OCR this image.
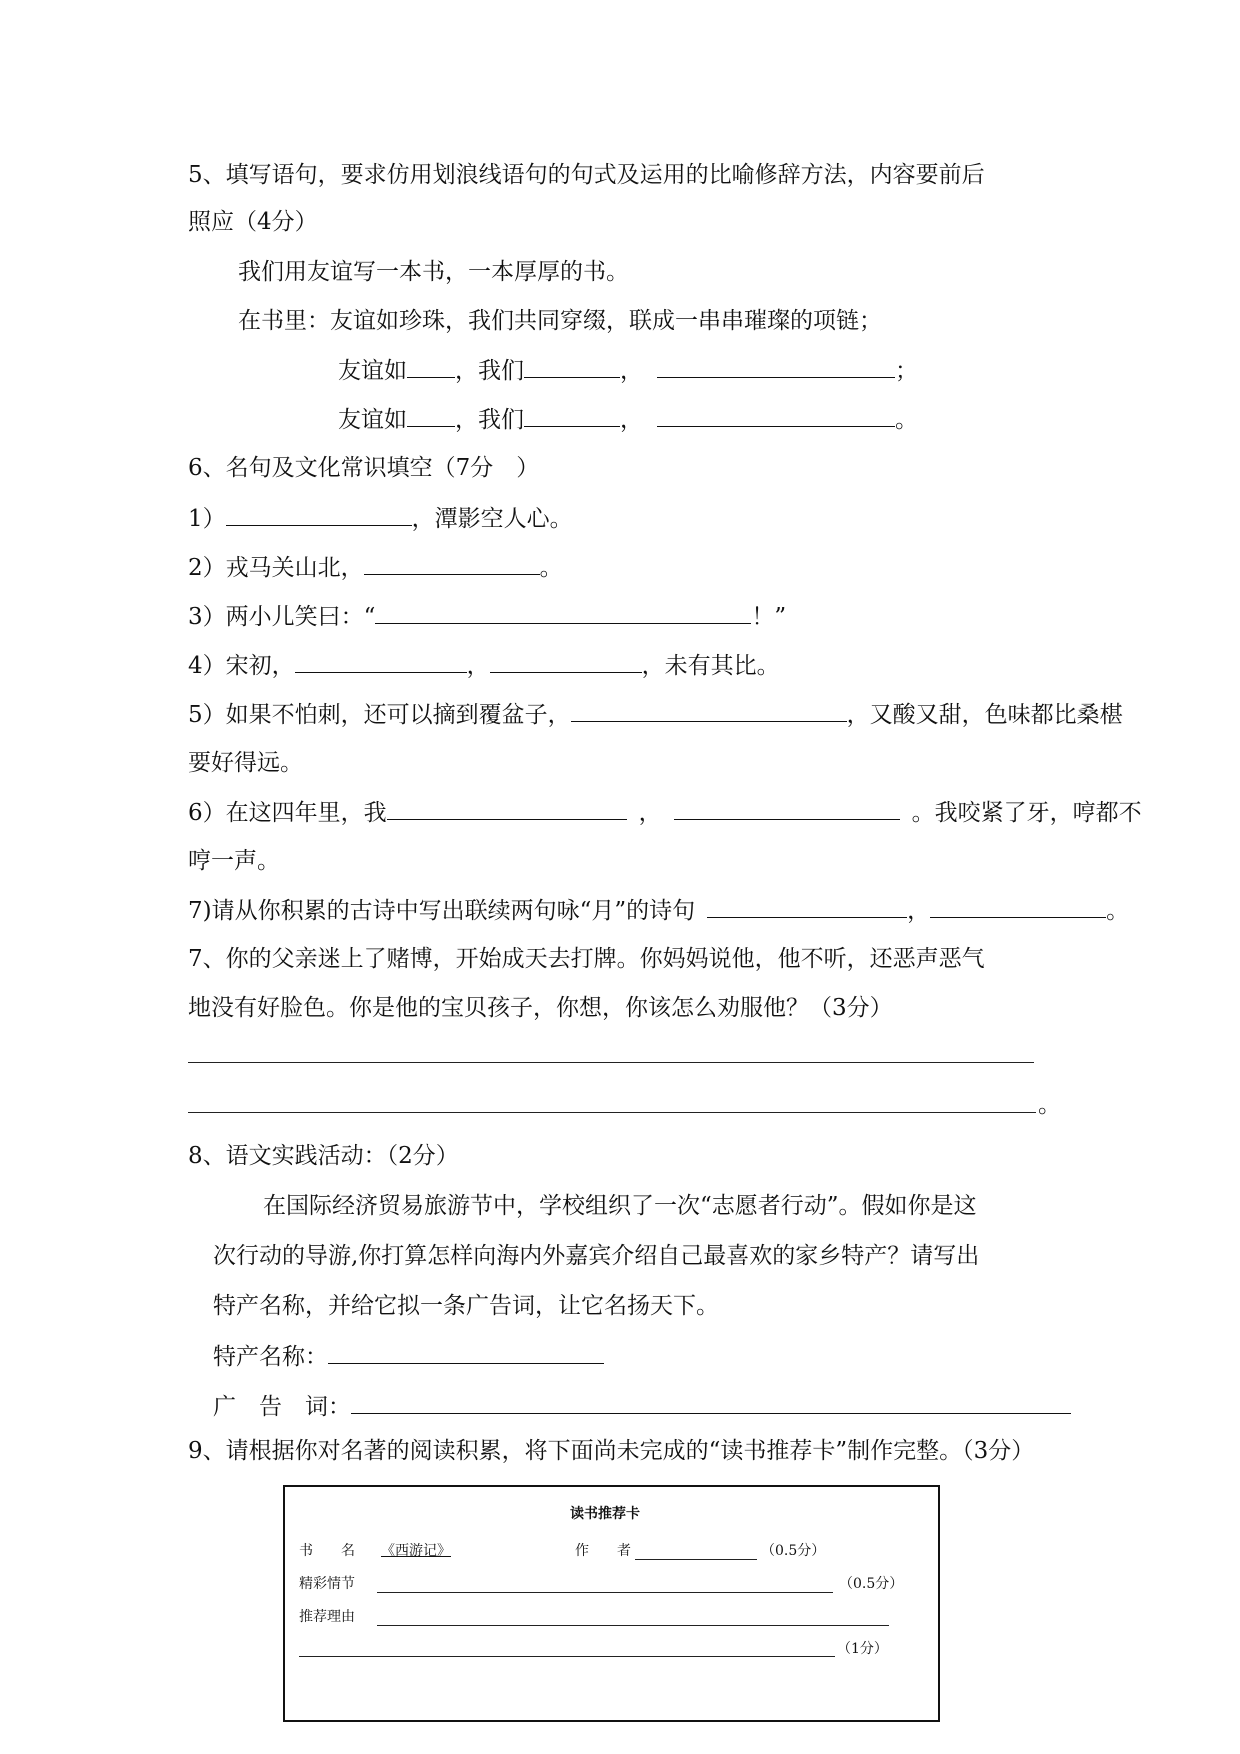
5、填写语句，要求仿用划浪线语句的句式及运用的比喻修辞方法，内容要前后
照应（4分）
我们用友谊写一本书，一本厚厚的书。
在书里：友谊如珍珠，我们共同穿缀，联成一串串璀璨的项链；
友谊如 ，我们	，	；
友谊如 ，我们	，	。
6、名句及文化常识填空（7分　）
1）	，潭影空人心。
2）戎马关山北，	。
3）两小儿笑曰：“	！”
4）宋初，	，	，未有其比。
5）如果不怕刺，还可以摘到覆盆子，	，又酸又甜，色味都比桑椹
要好得远。
6）在这四年里，我	，	。我咬紧了牙，哼都不
哼一声。
7)请从你积累的古诗中写出联续两句咏“月”的诗句	，	。
7、你的父亲迷上了赌博，开始成天去打牌。你妈妈说他，他不听，还恶声恶气
地没有好脸色。你是他的宝贝孩子，你想，你该怎么劝服他？（3分）
。
8、语文实践活动：（2分）
在国际经济贸易旅游节中，学校组织了一次“志愿者行动”。假如你是这
次行动的导游,你打算怎样向海内外嘉宾介绍自己最喜欢的家乡特产？请写出
特产名称，并给它拟一条广告词，让它名扬天下。
特产名称：
广　告　词：
9、请根据你对名著的阅读积累，将下面尚未完成的“读书推荐卡”制作完整。（3分）
读书推荐卡
书　　名 《西游记》	作　　者	（0.5分）
精彩情节	（0.5分）
推荐理由
（1分）
